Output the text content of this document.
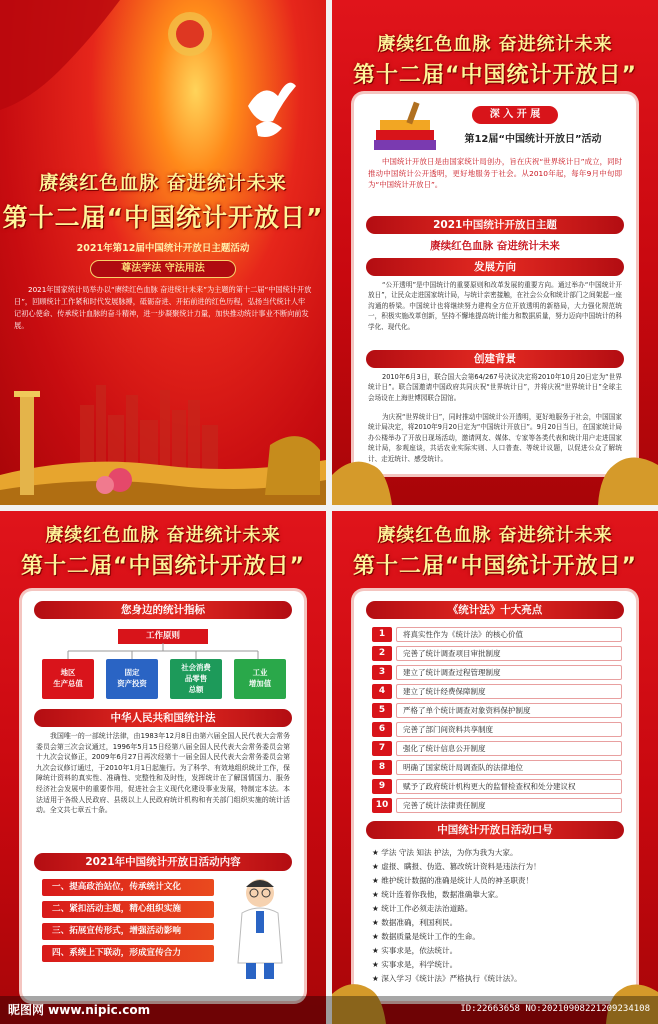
赓续红色血脉 奋进统计未来
第十二届“中国统计开放日”
2021年第12届中国统计开放日主题活动
尊法学法 守法用法
2021年国家统计局举办以“赓续红色血脉 奋进统计未来”为主题的第十二届“中国统计开放日”，回顾统计工作紧和时代发展脉搏，砥砺奋进、开拓前进的红色历程，弘扬当代统计人牢记初心使命、传承统计血脉的奋斗精神，进一步凝聚统计力量，加快推动统计事业不断向前发展。
赓续红色血脉 奋进统计未来
第十二届“中国统计开放日”
深 入 开 展
第12届“中国统计开放日”活动
中国统计开放日是由国家统计局创办，旨在庆祝“世界统计日”成立，同时推动中国统计公开透明，更好地服务于社会。从2010年起，每年9月中旬即为“中国统计开放日”。
2021中国统计开放日主题
赓续红色血脉 奋进统计未来
发展方向
“公开透明”是中国统计的重要原则和改革发展的重要方向。通过举办“中国统计开放日”，让民众走进国家统计局，与统计亲密接触，在社会公众和统计部门之间架起一座沟通的桥梁。中国统计也将继续努力建构全方位开放透明的新格局，大力强化规范统一，积极实施改革创新，坚持不懈地提高统计能力和数据质量，努力迈向中国统计的科学化、现代化。
创建背景
2010年6月3日，联合国大会第64/267号决议决定将2010年10月20日定为“世界统计日”。联合国邀请中国政府共同庆祝“世界统计日”，并将庆祝“世界统计日”全球主会场设在上海世博园联合国馆。
为庆祝“世界统计日”，同时推动中国统计公开透明，更好地服务于社会，中国国家统计局决定，将2010年9月20日定为“中国统计开放日”。9月20日当日，在国家统计局办公楼举办了开放日现场活动，邀请网友、媒体、专家等各类代表和统计用户走进国家统计局，参观座谈，共话农业实际实则、人口普查、等统计议题，以促进公众了解统计、走近统计、感受统计。
赓续红色血脉 奋进统计未来
第十二届“中国统计开放日”
您身边的统计指标
工作原则
地区
生产总值
固定
资产投资
社会消费
品零售
总额
工业
增加值
中华人民共和国统计法
我国唯一的一部统计法律，由1983年12月8日由第六届全国人民代表大会常务委员会第三次会议通过，1996年5月15日经第八届全国人民代表大会常务委员会第十九次会议修正，2009年6月27日再次经第十一届全国人民代表大会常务委员会第九次会议修订通过，于2010年1月1日起施行。为了科学、有效地组织统计工作，保障统计资料的真实性、准确性、完整性和及时性，发挥统计在了解国情国力、服务经济社会发展中的重要作用，促进社会主义现代化建设事业发展，特制定本法。本法适用于各级人民政府、县级以上人民政府统计机构和有关部门组织实施的统计活动。全文共七章五十条。
2021年中国统计开放日活动内容
一、提高政治站位，传承统计文化
二、紧扣活动主题，精心组织实施
三、拓展宣传形式，增强活动影响
四、系统上下联动，形成宣传合力
赓续红色血脉 奋进统计未来
第十二届“中国统计开放日”
《统计法》十大亮点
1	将真实性作为《统计法》的核心价值
2	完善了统计调查项目审批制度
3	建立了统计调查过程管理制度
4	建立了统计经费保障制度
5	严格了单个统计调查对象资料保护制度
6	完善了部门间资料共享制度
7	强化了统计信息公开制度
8	明确了国家统计局调查队的法律地位
9	赋予了政府统计机构更大的监督检查权和处分建议权
10	完善了统计法律责任制度
中国统计开放日活动口号
★ 学法 守法 知法 护法，为你为我为大家。
★ 虚报、瞒报、伪造、篡改统计资料是违法行为！
★ 维护统计数据的准确是统计人员的神圣职责！
★ 统计连着你我他，数据准确靠大家。
★ 统计工作必须走法治道路。
★ 数据准确，利国利民。
★ 数据质量是统计工作的生命。
★ 实事求是，依法统计。
★ 实事求是，科学统计。
★ 深入学习《统计法》严格执行《统计法》。
昵图网 www.nipic.com	ID:22663658 NO:20210908221209234108
